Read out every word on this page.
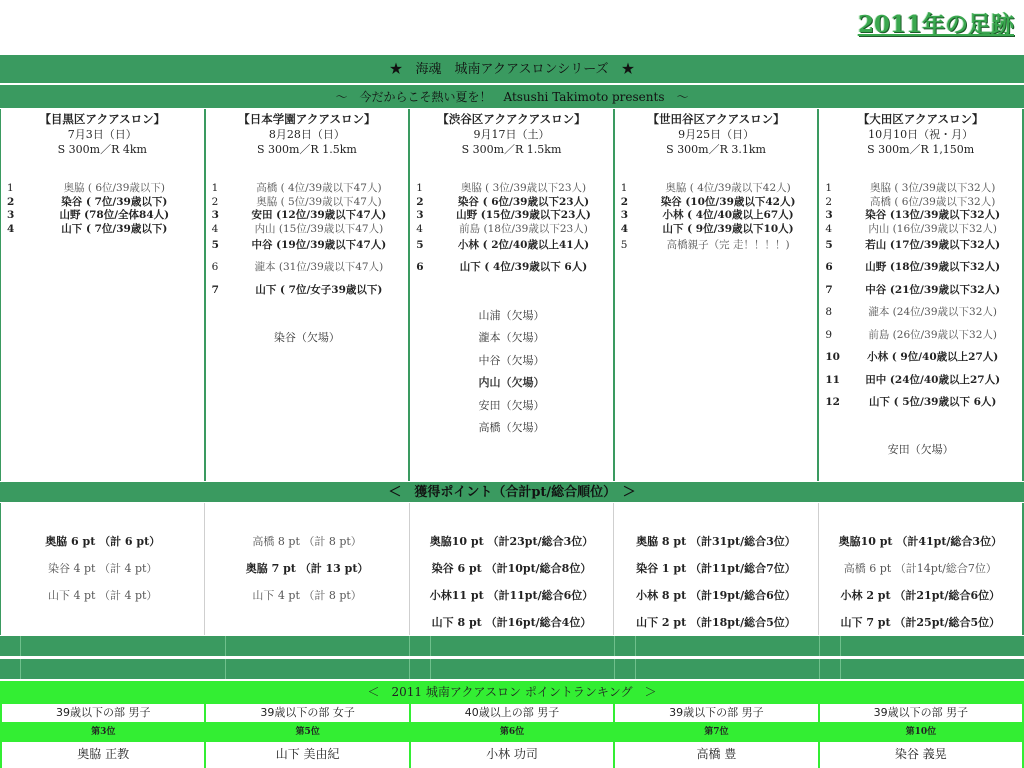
2011年の足跡
★　海魂　城南アクアスロンシリーズ　★
～　今だからこそ熱い夏を！　Atsushi Takimoto presents　～
【目黒区アクアスロン】
7月3日（日）
S 300m／R 4km
1	奥脇 ( 6位/39歳以下)
2	染谷 ( 7位/39歳以下)
3	山野 (78位/全体84人)
4	山下 ( 7位/39歳以下)
【日本学園アクアスロン】
8月28日（日）
S 300m／R 1.5km
1	高橋 ( 4位/39歳以下47人)
2	奥脇 ( 5位/39歳以下47人)
3	安田 (12位/39歳以下47人)
4	内山 (15位/39歳以下47人)
5	中谷 (19位/39歳以下47人)
6	瀧本 (31位/39歳以下47人)
7	山下 ( 7位/女子39歳以下)
染谷（欠場）
【渋谷区アクアクアスロン】
9月17日（土）
S 300m／R 1.5km
1	奥脇 ( 3位/39歳以下23人)
2	染谷 ( 6位/39歳以下23人)
3	山野 (15位/39歳以下23人)
4	前島 (18位/39歳以下23人)
5	小林 ( 2位/40歳以上41人)
6	山下 ( 4位/39歳以下 6人)
山浦（欠場）
瀧本（欠場）
中谷（欠場）
内山（欠場）
安田（欠場）
高橋（欠場）
【世田谷区アクアスロン】
9月25日（日）
S 300m／R 3.1km
1	奥脇 ( 4位/39歳以下42人)
2	染谷 (10位/39歳以下42人)
3	小林 ( 4位/40歳以上67人)
4	山下 ( 9位/39歳以下10人)
5	高橋親子（完 走！！！！)
【大田区アクアスロン】
10月10日（祝・月）
S 300m／R 1,150m
1	奥脇 ( 3位/39歳以下32人)
2	高橋 ( 6位/39歳以下32人)
3	染谷 (13位/39歳以下32人)
4	内山 (16位/39歳以下32人)
5	若山 (17位/39歳以下32人)
6	山野 (18位/39歳以下32人)
7	中谷 (21位/39歳以下32人)
8	瀧本 (24位/39歳以下32人)
9	前島 (26位/39歳以下32人)
10	小林 ( 9位/40歳以上27人)
11	田中 (24位/40歳以上27人)
12	山下 ( 5位/39歳以下 6人)
安田（欠場）
＜　獲得ポイント（合計pt/総合順位）　＞
奥脇 6 pt （計 6 pt）
染谷 4 pt （計 4 pt）
山下 4 pt （計 4 pt）
高橋 8 pt （計 8 pt）
奥脇 7 pt （計 13 pt）
山下 4 pt （計 8 pt）
奥脇10 pt （計23pt/総合3位）
染谷 6 pt （計10pt/総合8位）
小林11 pt （計11pt/総合6位）
山下 8 pt （計16pt/総合4位）
奥脇 8 pt （計31pt/総合3位）
染谷 1 pt （計11pt/総合7位）
小林 8 pt （計19pt/総合6位）
山下 2 pt （計18pt/総合5位）
奥脇10 pt （計41pt/総合3位）
高橋 6 pt （計14pt/総合7位）
小林 2 pt （計21pt/総合6位）
山下 7 pt （計25pt/総合5位）
＜　2011 城南アクアスロン ポイントランキング　＞
39歳以下の部 男子
第3位
奥脇 正教
39歳以下の部 女子
第5位
山下 美由紀
40歳以上の部 男子
第6位
小林 功司
39歳以下の部 男子
第7位
高橋 豊
39歳以下の部 男子
第10位
染谷 義晃
